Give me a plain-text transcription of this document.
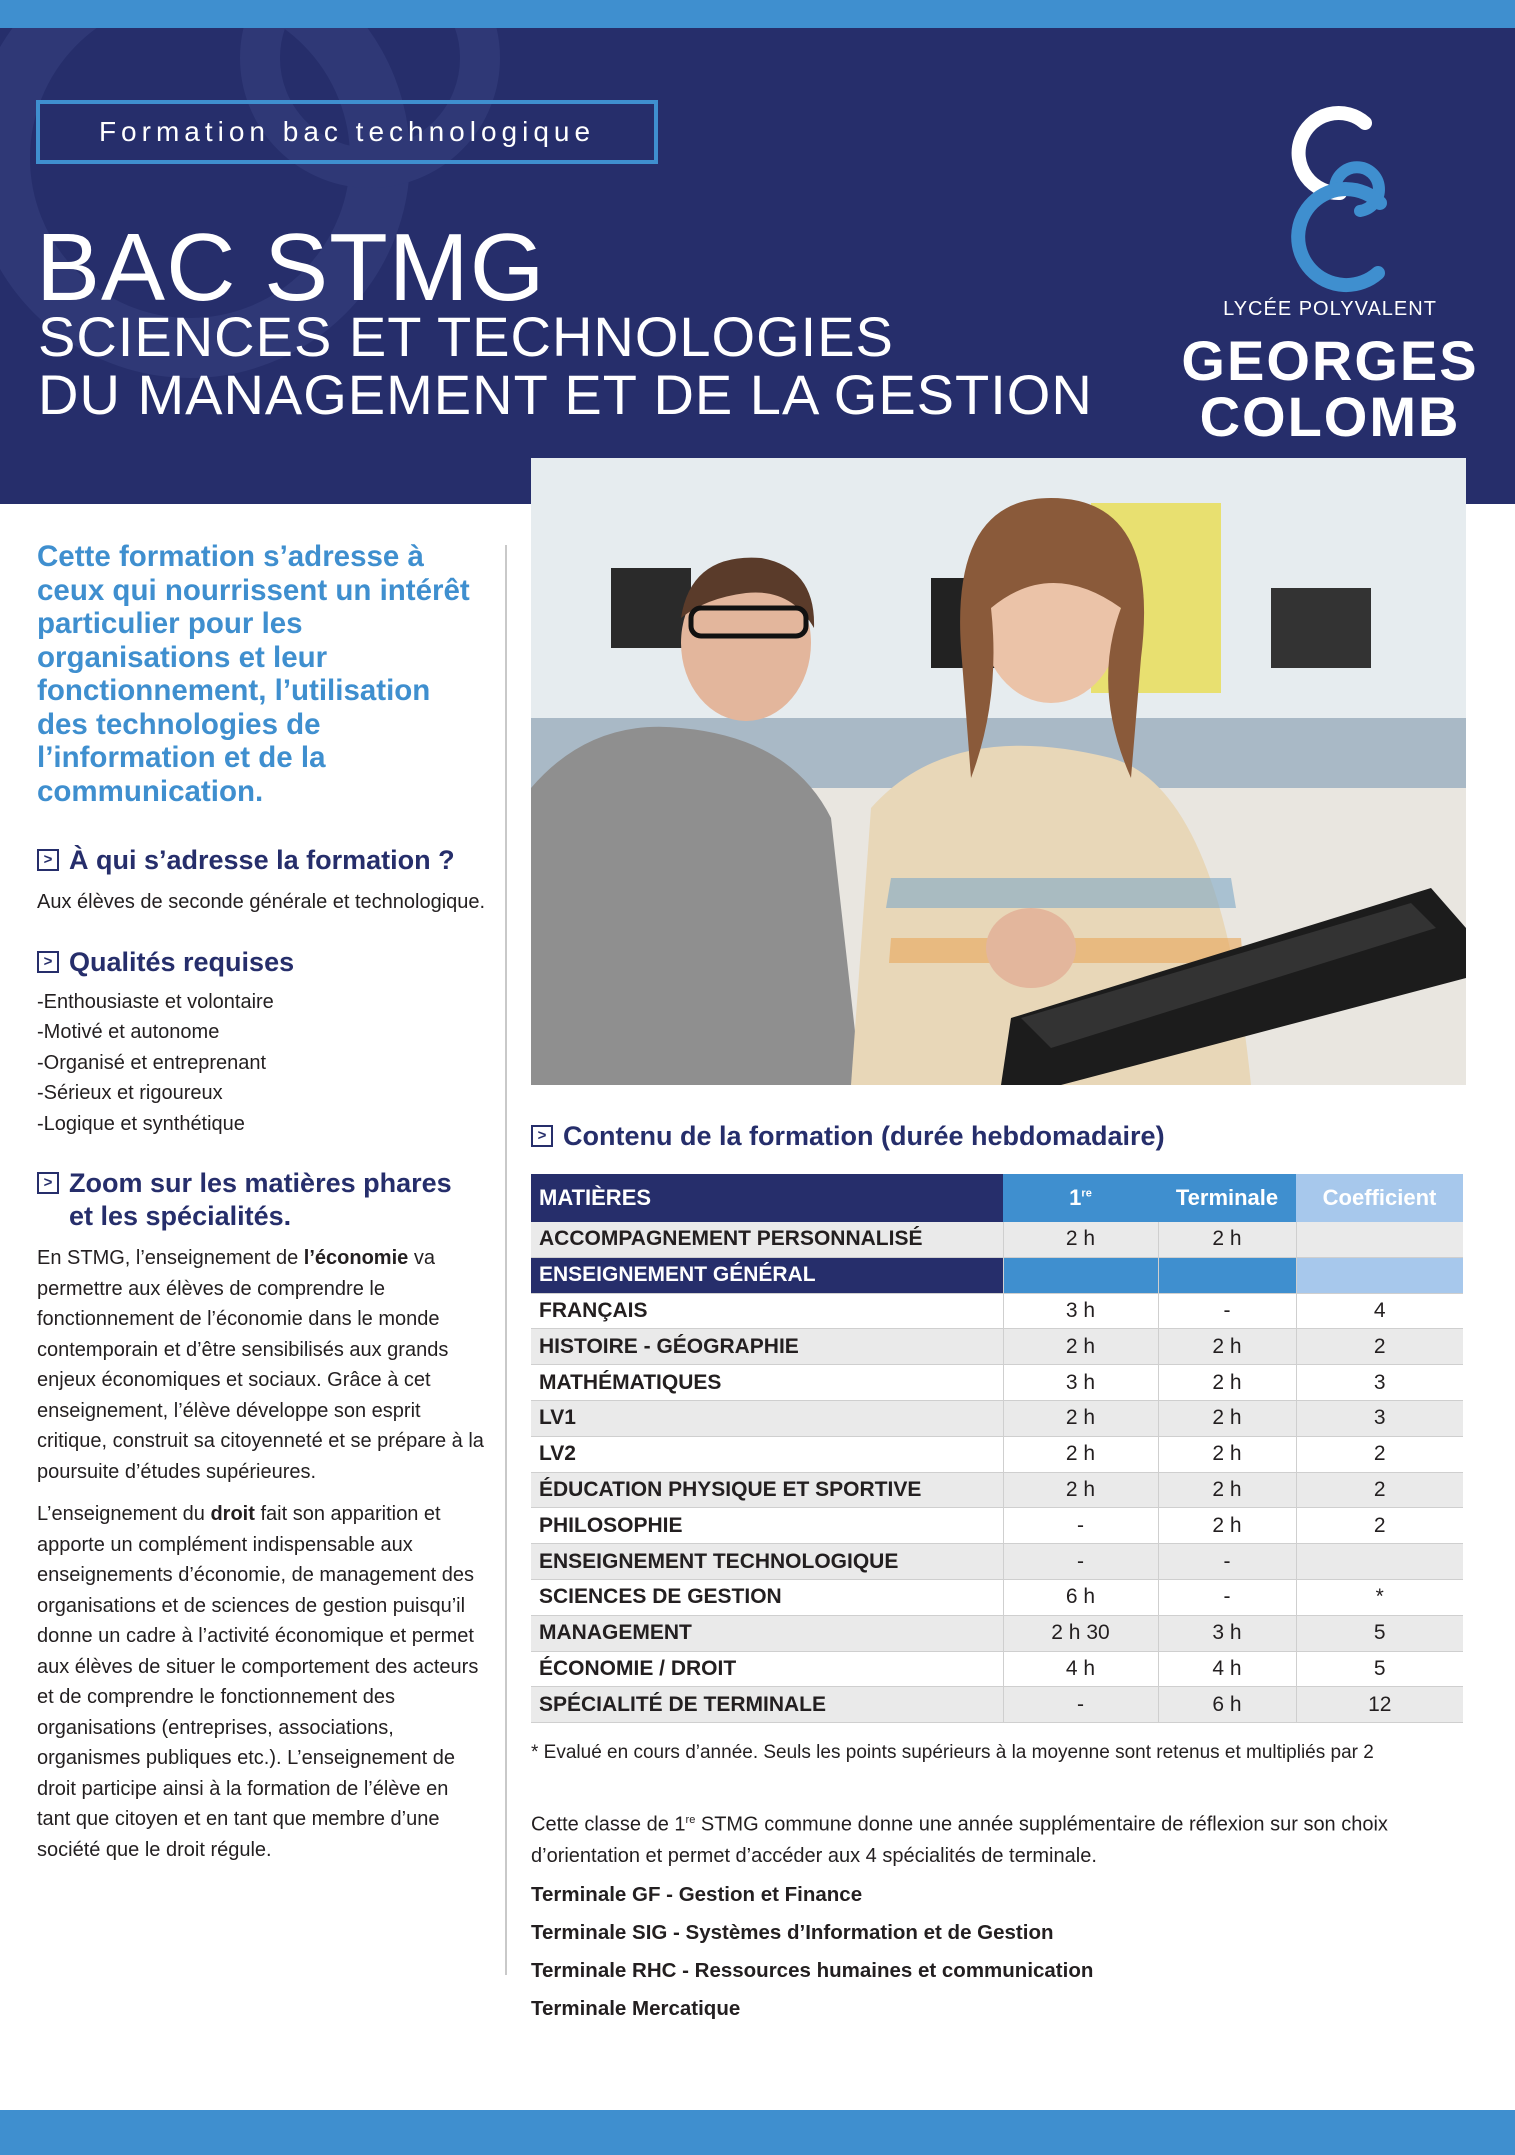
Formation bac technologique
BAC STMG
SCIENCES ET TECHNOLOGIES
DU MANAGEMENT ET DE LA GESTION
LYCÉE POLYVALENT
GEORGES
COLOMB

Cette formation s’adresse à ceux qui nourrissent un intérêt particulier pour les organisations et leur fonctionnement, l’utilisation des technologies de l’information et de la communication.

> À qui s’adresse la formation ?

Aux élèves de seconde générale et technologique.

> Qualités requises
-Enthousiaste et volontaire
-Motivé et autonome
-Organisé et entreprenant
-Sérieux et rigoureux
-Logique et synthétique
> Zoom sur les matières phares
et les spécialités.

En STMG, l’enseignement de l’économie va permettre aux élèves de comprendre le fonctionnement de l’économie dans le monde contemporain et d’être sensibilisés aux grands enjeux économiques et sociaux. Grâce à cet enseignement, l’élève développe son esprit critique, construit sa citoyenneté et se prépare à la poursuite d’études supérieures.

L’enseignement du droit fait son apparition et apporte un complément indispensable aux enseignements d’économie, de management des organisations et de sciences de gestion puisqu’il donne un cadre à l’activité économique et permet aux élèves de situer le comportement des acteurs et de comprendre le fonctionnement des organisations (entreprises, associations, organismes publiques etc.). L’enseignement de droit participe ainsi à la formation de l’élève en tant que citoyen et en tant que membre d’une société que le droit régule.

> Contenu de la formation (durée hebdomadaire)
MATIÈRES	1re	Terminale	Coefficient
ACCOMPAGNEMENT PERSONNALISÉ	2 h	2 h	
ENSEIGNEMENT GÉNÉRAL			
FRANÇAIS	3 h	-	4
HISTOIRE - GÉOGRAPHIE	2 h	2 h	2
MATHÉMATIQUES	3 h	2 h	3
LV1	2 h	2 h	3
LV2	2 h	2 h	2
ÉDUCATION PHYSIQUE ET SPORTIVE	2 h	2 h	2
PHILOSOPHIE	-	2 h	2
ENSEIGNEMENT TECHNOLOGIQUE	-	-	
SCIENCES DE GESTION	6 h	-	*
MANAGEMENT	2 h 30	3 h	5
ÉCONOMIE / DROIT	4 h	4 h	5
SPÉCIALITÉ DE TERMINALE	-	6 h	12
* Evalué en cours d’année. Seuls les points supérieurs à la moyenne sont retenus et multipliés par 2

Cette classe de 1re STMG commune donne une année supplémentaire de réflexion sur son choix d’orientation et permet d’accéder aux 4 spécialités de terminale.

Terminale GF - Gestion et Finance

Terminale SIG - Systèmes d’Information et de Gestion

Terminale RHC - Ressources humaines et communication

Terminale Mercatique
